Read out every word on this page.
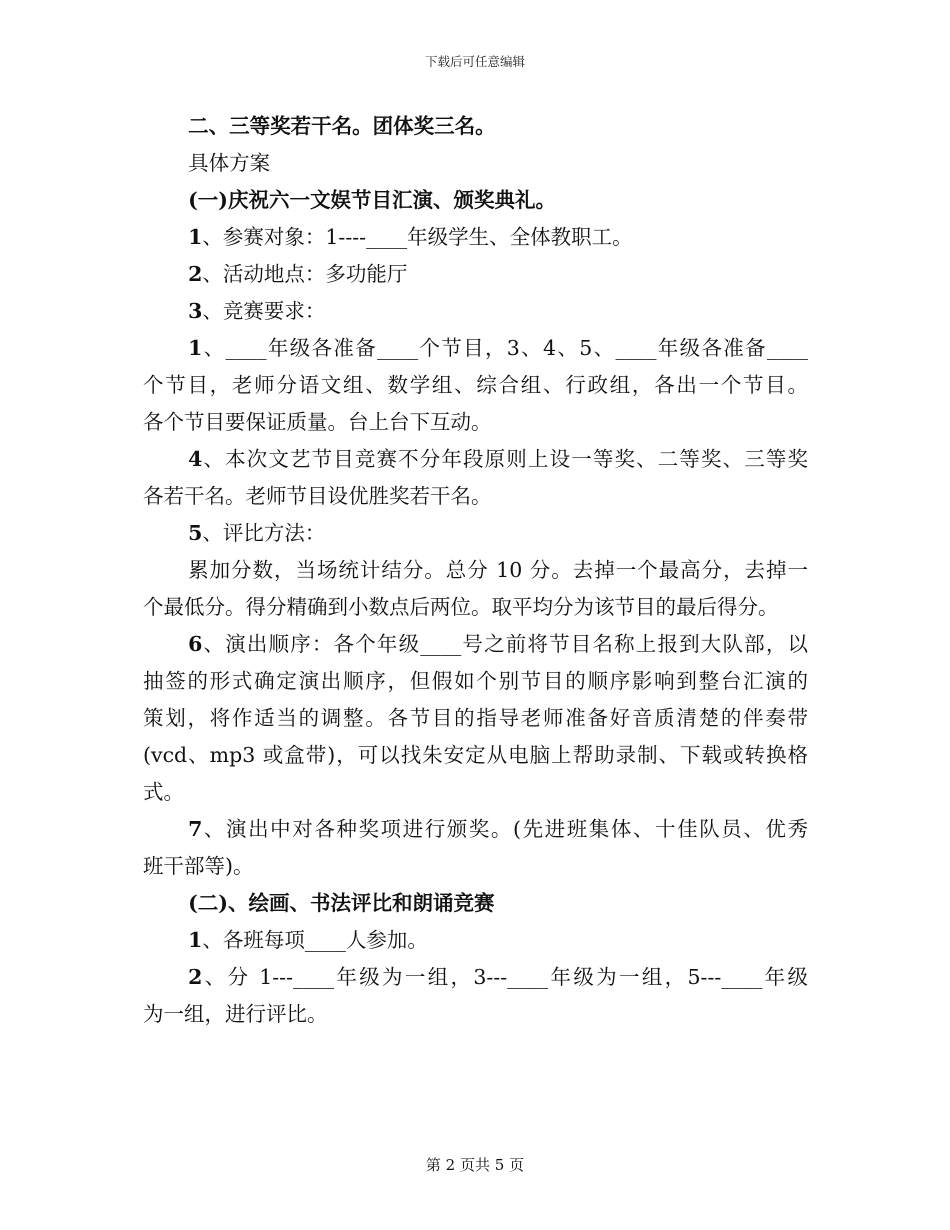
下载后可任意编辑
二、三等奖若干名。团体奖三名。
具体方案
(一)庆祝六一文娱节目汇演、颁奖典礼。
1、参赛对象：1----____年级学生、全体教职工。
2、活动地点：多功能厅
3、竞赛要求：
1、____年级各准备____个节目，3、4、5、____年级各准备____
个节目，老师分语文组、数学组、综合组、行政组，各出一个节目。
各个节目要保证质量。台上台下互动。
4、本次文艺节目竞赛不分年段原则上设一等奖、二等奖、三等奖
各若干名。老师节目设优胜奖若干名。
5、评比方法：
累加分数，当场统计结分。总分 10 分。去掉一个最高分，去掉一
个最低分。得分精确到小数点后两位。取平均分为该节目的最后得分。
6、演出顺序：各个年级____号之前将节目名称上报到大队部，以
抽签的形式确定演出顺序，但假如个别节目的顺序影响到整台汇演的
策划，将作适当的调整。各节目的指导老师准备好音质清楚的伴奏带
(vcd、mp3 或盒带)，可以找朱安定从电脑上帮助录制、下载或转换格
式。
7、演出中对各种奖项进行颁奖。(先进班集体、十佳队员、优秀
班干部等)。
(二)、绘画、书法评比和朗诵竞赛
1、各班每项____人参加。
2、分 1---____年级为一组，3---____年级为一组，5---____年级
为一组，进行评比。
第 2 页共 5 页
